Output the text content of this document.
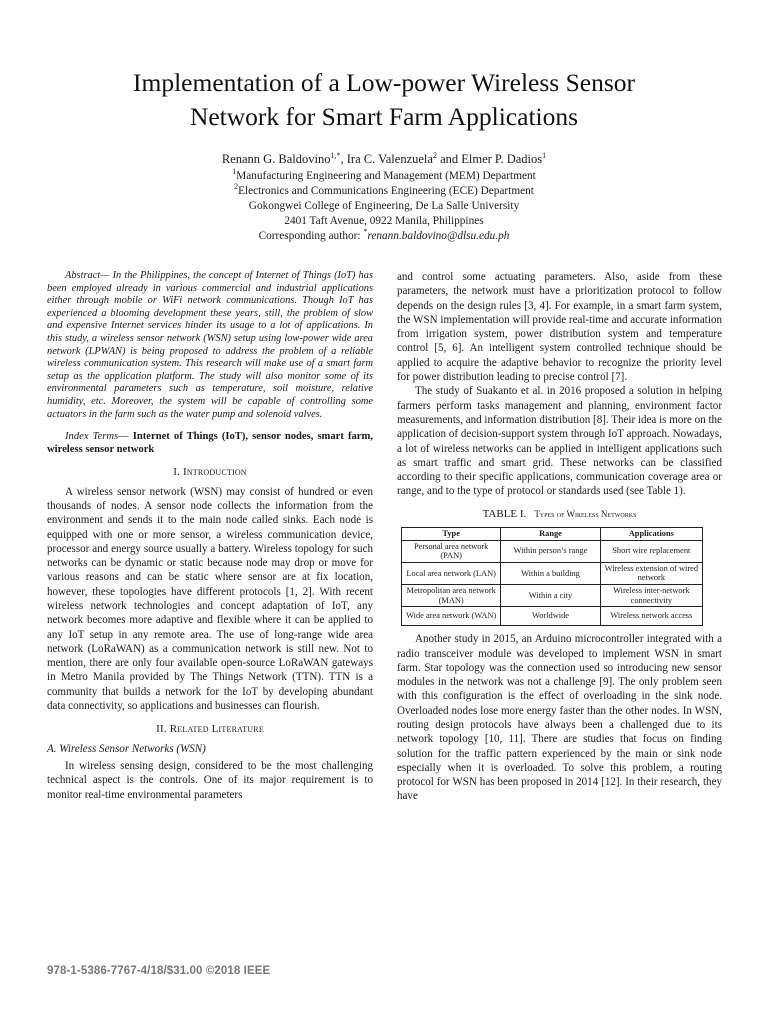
Implementation of a Low-power Wireless Sensor
Network for Smart Farm Applications
Renann G. Baldovino$^{1,*}$, Ira C. Valenzuela$^2$ and Elmer P. Dadios$^1$
$^1$Manufacturing Engineering and Management (MEM) Department
$^2$Electronics and Communications Engineering (ECE) Department
Gokongwei College of Engineering, De La Salle University
2401 Taft Avenue, 0922 Manila, Philippines
Corresponding author: *renann.baldovino@dlsu.edu.ph

Abstract— In the Philippines, the concept of Internet of Things (IoT) has been employed already in various commercial and industrial applications either through mobile or WiFi network communications. Though IoT has experienced a blooming development these years, still, the problem of slow and expensive Internet services hinder its usage to a lot of applications. In this study, a wireless sensor network (WSN) setup using low-power wide area network (LPWAN) is being proposed to address the problem of a reliable wireless communication system. This research will make use of a smart farm setup as the application platform. The study will also monitor some of its environmental parameters such as temperature, soil moisture, relative humidity, etc. Moreover, the system will be capable of controlling some actuators in the farm such as the water pump and solenoid valves.

Index Terms— Internet of Things (IoT), sensor nodes, smart farm, wireless sensor network

I. Introduction

A wireless sensor network (WSN) may consist of hundred or even thousands of nodes. A sensor node collects the information from the environment and sends it to the main node called sinks. Each node is equipped with one or more sensor, a wireless communication device, processor and energy source usually a battery. Wireless topology for such networks can be dynamic or static because node may drop or move for various reasons and can be static where sensor are at fix location, however, these topologies have different protocols [1, 2]. With recent wireless network technologies and concept adaptation of IoT, any network becomes more adaptive and flexible where it can be applied to any IoT setup in any remote area. The use of long-range wide area network (LoRaWAN) as a communication network is still new. Not to mention, there are only four available open-source LoRaWAN gateways in Metro Manila provided by The Things Network (TTN). TTN is a community that builds a network for the IoT by developing abundant data connectivity, so applications and businesses can flourish.

II. Related Literature

A. Wireless Sensor Networks (WSN)

In wireless sensing design, considered to be the most challenging technical aspect is the controls. One of its major requirement is to monitor real-time environmental parameters

and control some actuating parameters. Also, aside from these parameters, the network must have a prioritization protocol to follow depends on the design rules [3, 4]. For example, in a smart farm system, the WSN implementation will provide real-time and accurate information from irrigation system, power distribution system and temperature control [5, 6]. An intelligent system controlled technique should be applied to acquire the adaptive behavior to recognize the priority level for power distribution leading to precise control [7].

The study of Suakanto et al. in 2016 proposed a solution in helping farmers perform tasks management and planning, environment factor measurements, and information distribution [8]. Their idea is more on the application of decision-support system through IoT approach. Nowadays, a lot of wireless networks can be applied in intelligent applications such as smart traffic and smart grid. These networks can be classified according to their specific applications, communication coverage area or range, and to the type of protocol or standards used (see Table 1).

TABLE I. Types of Wireless Networks

Type	Range	Applications
Personal area network (PAN)	Within person’s range	Short wire replacement
Local area network (LAN)	Within a building	Wireless extension of wired network
Metropolitan area network (MAN)	Within a city	Wireless inter-network connectivity
Wide area network (WAN)	Worldwide	Wireless network access

Another study in 2015, an Arduino microcontroller integrated with a radio transceiver module was developed to implement WSN in smart farm. Star topology was the connection used so introducing new sensor modules in the network was not a challenge [9]. The only problem seen with this configuration is the effect of overloading in the sink node. Overloaded nodes lose more energy faster than the other nodes. In WSN, routing design protocols have always been a challenged due to its network topology [10, 11]. There are studies that focus on finding solution for the traffic pattern experienced by the main or sink node especially when it is overloaded. To solve this problem, a routing protocol for WSN has been proposed in 2014 [12]. In their research, they have

978-1-5386-7767-4/18/$31.00 ©2018 IEEE
